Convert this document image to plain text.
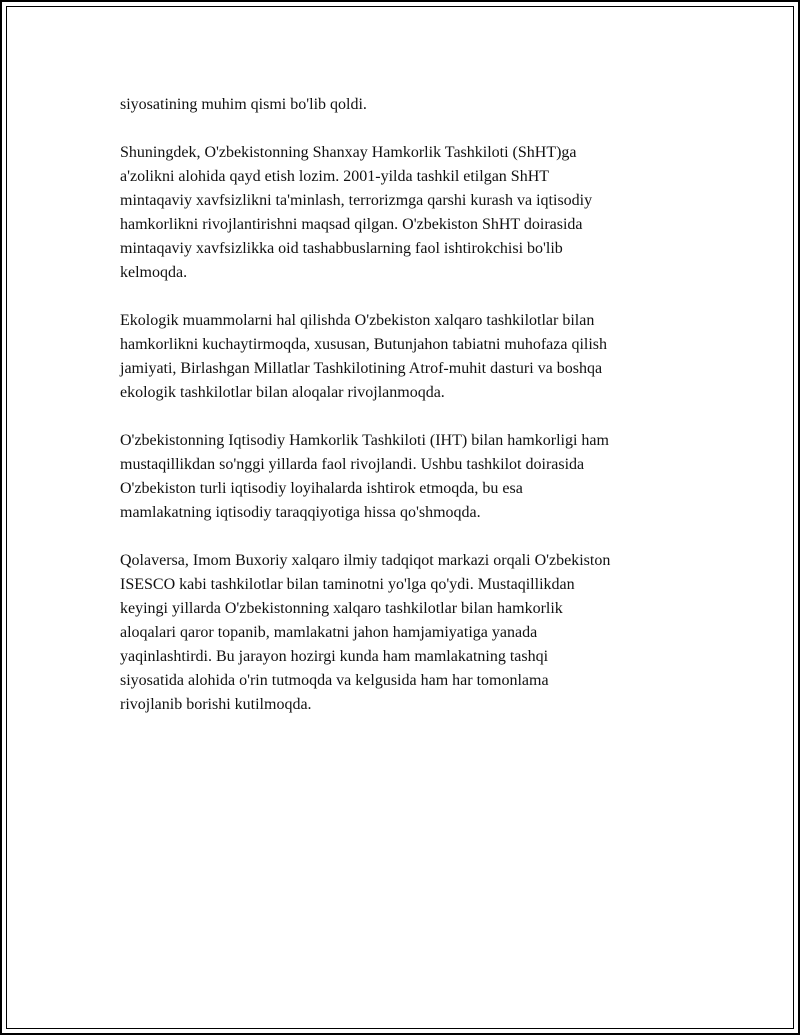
siyosatining muhim qismi bo'lib qoldi.

Shuningdek, O'zbekistonning Shanxay Hamkorlik Tashkiloti (ShHT)ga
a'zolikni alohida qayd etish lozim. 2001-yilda tashkil etilgan ShHT
mintaqaviy xavfsizlikni ta'minlash, terrorizmga qarshi kurash va iqtisodiy
hamkorlikni rivojlantirishni maqsad qilgan. O'zbekiston ShHT doirasida
mintaqaviy xavfsizlikka oid tashabbuslarning faol ishtirokchisi bo'lib
kelmoqda.

Ekologik muammolarni hal qilishda O'zbekiston xalqaro tashkilotlar bilan
hamkorlikni kuchaytirmoqda, xususan, Butunjahon tabiatni muhofaza qilish
jamiyati, Birlashgan Millatlar Tashkilotining Atrof-muhit dasturi va boshqa
ekologik tashkilotlar bilan aloqalar rivojlanmoqda.

O'zbekistonning Iqtisodiy Hamkorlik Tashkiloti (IHT) bilan hamkorligi ham
mustaqillikdan so'nggi yillarda faol rivojlandi. Ushbu tashkilot doirasida
O'zbekiston turli iqtisodiy loyihalarda ishtirok etmoqda, bu esa
mamlakatning iqtisodiy taraqqiyotiga hissa qo'shmoqda.

Qolaversa, Imom Buxoriy xalqaro ilmiy tadqiqot markazi orqali O'zbekiston
ISESCO kabi tashkilotlar bilan taminotni yo'lga qo'ydi. Mustaqillikdan
keyingi yillarda O'zbekistonning xalqaro tashkilotlar bilan hamkorlik
aloqalari qaror topanib, mamlakatni jahon hamjamiyatiga yanada
yaqinlashtirdi. Bu jarayon hozirgi kunda ham mamlakatning tashqi
siyosatida alohida o'rin tutmoqda va kelgusida ham har tomonlama
rivojlanib borishi kutilmoqda.
